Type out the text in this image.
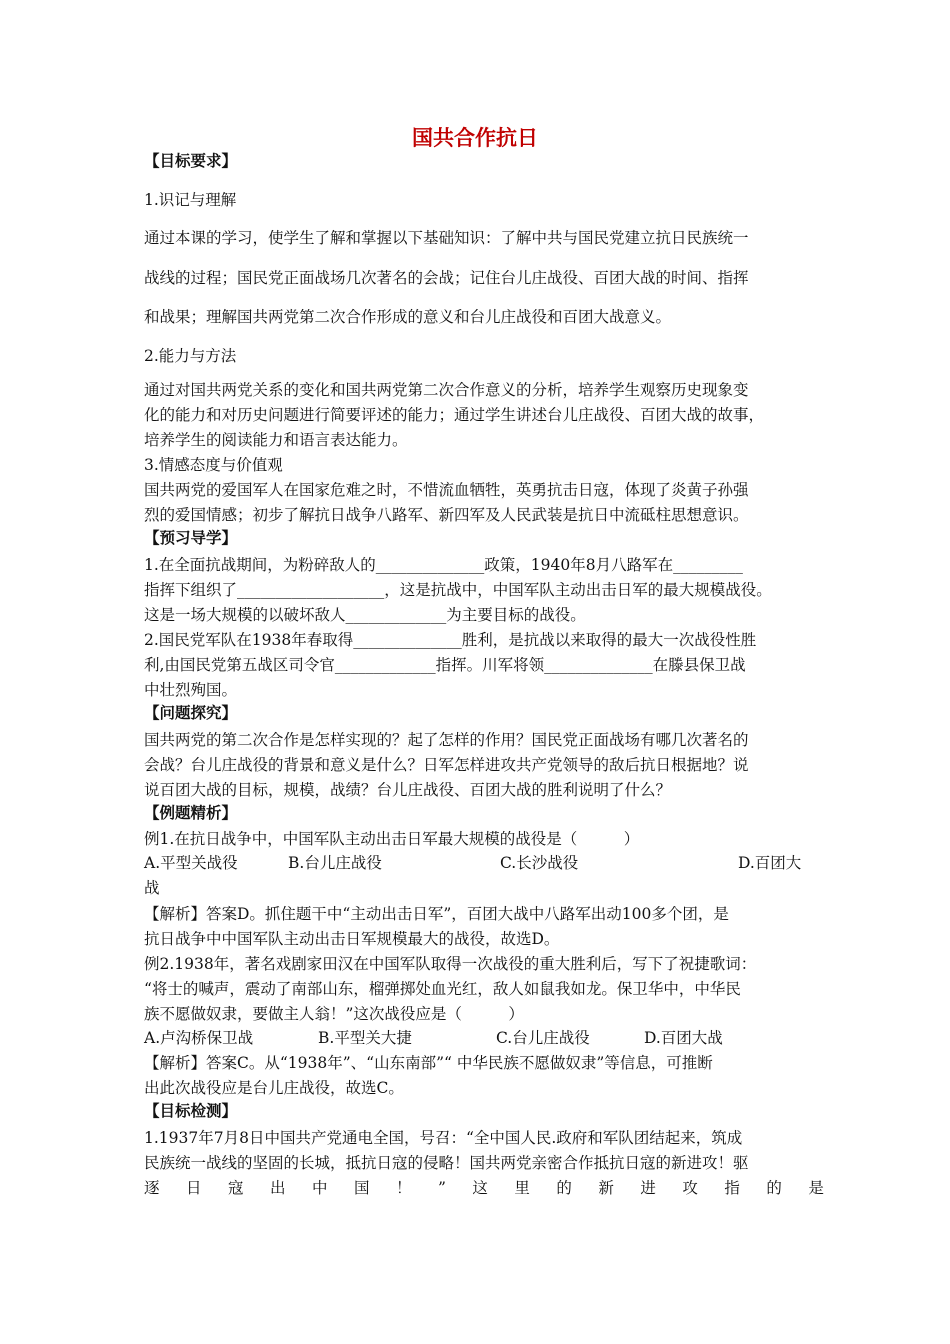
国共合作抗日
【目标要求】
1.识记与理解
通过本课的学习，使学生了解和掌握以下基础知识：了解中共与国民党建立抗日民族统一
战线的过程；国民党正面战场几次著名的会战；记住台儿庄战役、百团大战的时间、指挥
和战果；理解国共两党第二次合作形成的意义和台儿庄战役和百团大战意义。
2.能力与方法
通过对国共两党关系的变化和国共两党第二次合作意义的分析，培养学生观察历史现象变
化的能力和对历史问题进行简要评述的能力；通过学生讲述台儿庄战役、百团大战的故事，
培养学生的阅读能力和语言表达能力。
3.情感态度与价值观
国共两党的爱国军人在国家危难之时，不惜流血牺牲，英勇抗击日寇，体现了炎黄子孙强
烈的爱国情感；初步了解抗日战争八路军、新四军及人民武装是抗日中流砥柱思想意识。
【预习导学】
1.在全面抗战期间，为粉碎敌人的______________政策，1940年8月八路军在_________
指挥下组织了___________________，这是抗战中，中国军队主动出击日军的最大规模战役。
这是一场大规模的以破坏敌人_____________为主要目标的战役。
2.国民党军队在1938年春取得______________胜利，是抗战以来取得的最大一次战役性胜
利,由国民党第五战区司令官_____________指挥。川军将领______________在滕县保卫战
中壮烈殉国。
【问题探究】
国共两党的第二次合作是怎样实现的？起了怎样的作用？国民党正面战场有哪几次著名的
会战？台儿庄战役的背景和意义是什么？日军怎样进攻共产党领导的敌后抗日根据地？说
说百团大战的目标，规模，战绩？台儿庄战役、百团大战的胜利说明了什么？
【例题精析】
例1.在抗日战争中，中国军队主动出击日军最大规模的战役是（　　　）
A.平型关战役	B.台儿庄战役	C.长沙战役	D.百团大
战
【解析】答案D。抓住题干中“主动出击日军”，百团大战中八路军出动100多个团，是
抗日战争中中国军队主动出击日军规模最大的战役，故选D。
例2.1938年，著名戏剧家田汉在中国军队取得一次战役的重大胜利后，写下了祝捷歌词：
“将士的喊声，震动了南部山东，榴弹掷处血光红，敌人如鼠我如龙。保卫华中，中华民
族不愿做奴隶，要做主人翁！”这次战役应是（　　　）
A.卢沟桥保卫战	B.平型关大捷	C.台儿庄战役	D.百团大战
【解析】答案C。从“1938年”、“山东南部”“ 中华民族不愿做奴隶”等信息，可推断
出此次战役应是台儿庄战役，故选C。
【目标检测】
1.1937年7月8日中国共产党通电全国，号召：“全中国人民.政府和军队团结起来，筑成
民族统一战线的坚固的长城，抵抗日寇的侵略！国共两党亲密合作抵抗日寇的新进攻！驱
逐 日 寇 出 中 国 ！ ” 这 里 的 新 进 攻 指 的 是
